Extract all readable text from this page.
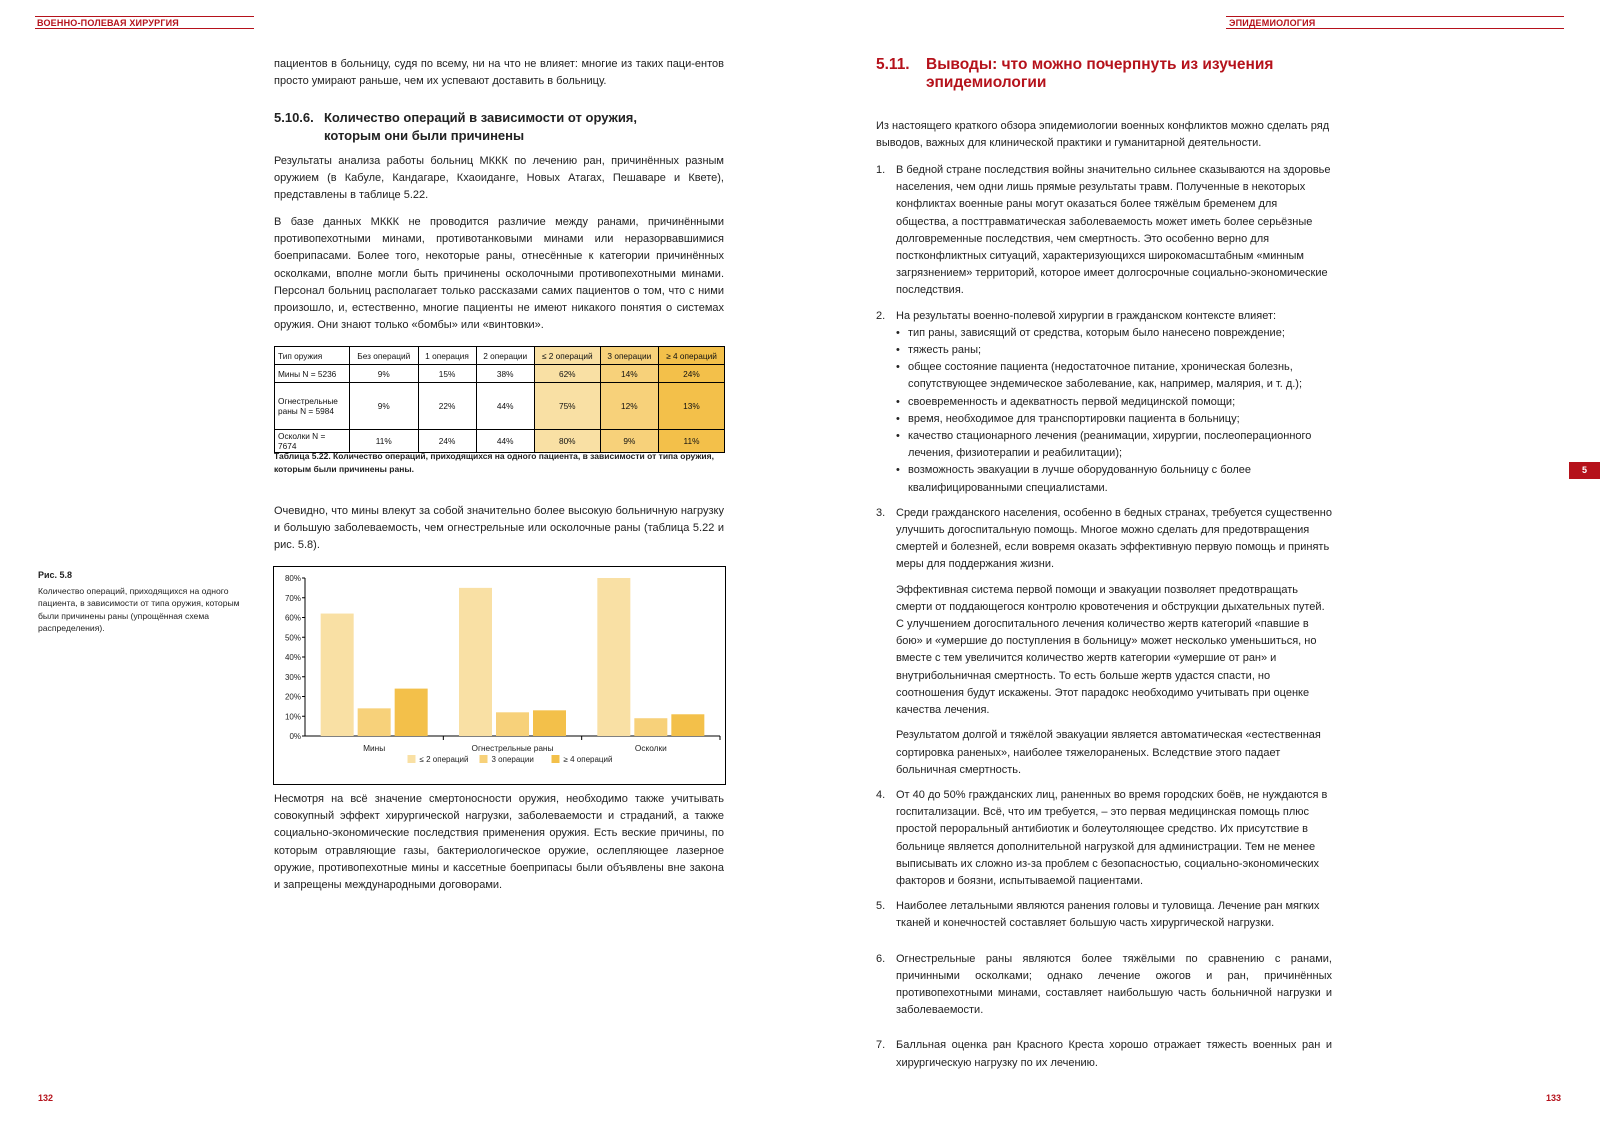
ВОЕННО-ПОЛЕВАЯ ХИРУРГИЯ
пациентов в больницу, судя по всему, ни на что не влияет: многие из таких паци-ентов просто умирают раньше, чем их успевают доставить в больницу.
5.10.6. Количество операций в зависимости от оружия, которым они были причинены
Результаты анализа работы больниц МККК по лечению ран, причинённых разным оружием (в Кабуле, Кандагаре, Кхаоиданге, Новых Атагах, Пешаваре и Квете), представлены в таблице 5.22.
В базе данных МККК не проводится различие между ранами, причинёнными противопехотными минами, противотанковыми минами или неразорвавшимися боеприпасами. Более того, некоторые раны, отнесённые к категории причинённых осколками, вполне могли быть причинены осколочными противопехотными минами. Персонал больниц располагает только рассказами самих пациентов о том, что с ними произошло, и, естественно, многие пациенты не имеют никакого понятия о системах оружия. Они знают только «бомбы» или «винтовки».
Тип оружия	Без операций	1 операция	2 операции	≤ 2 операций	3 операции	≥ 4 операций
Мины N = 5236	9%	15%	38%	62%	14%	24%
Огнестрельные раны N = 5984	9%	22%	44%	75%	12%	13%
Осколки N = 7674	11%	24%	44%	80%	9%	11%
Таблица 5.22. Количество операций, приходящихся на одного пациента, в зависимости от типа оружия, которым были причинены раны.
Очевидно, что мины влекут за собой значительно более высокую больничную нагрузку и большую заболеваемость, чем огнестрельные или осколочные раны (таблица 5.22 и рис. 5.8).
Рис. 5.8
Количество операций, приходящихся на одного пациента, в зависимости от типа оружия, которым были причинены раны (упрощённая схема распределения).
0%
10%
20%
30%
40%
50%
60%
70%
80%
Мины	Огнестрельные раны	Осколки
≤ 2 операций	3 операции	≥ 4 операций
Несмотря на всё значение смертоносности оружия, необходимо также учитывать совокупный эффект хирургической нагрузки, заболеваемости и страданий, а также социально-экономические последствия применения оружия. Есть веские причины, по которым отравляющие газы, бактериологическое оружие, ослепляющее лазерное оружие, противопехотные мины и кассетные боеприпасы были объявлены вне закона и запрещены международными договорами.
132
ЭПИДЕМИОЛОГИЯ
5.11. Выводы: что можно почерпнуть из изучения эпидемиологии
Из настоящего краткого обзора эпидемиологии военных конфликтов можно сделать ряд выводов, важных для клинической практики и гуманитарной деятельности.
1. В бедной стране последствия войны значительно сильнее сказываются на здоровье населения, чем одни лишь прямые результаты травм. Полученные в некоторых конфликтах военные раны могут оказаться более тяжёлым бременем для общества, а посттравматическая заболеваемость может иметь более серьёзные долговременные последствия, чем смертность. Это особенно верно для постконфликтных ситуаций, характеризующихся широкомасштабным «минным загрязнением» территорий, которое имеет долгосрочные социально-экономические последствия.

2. На результаты военно-полевой хирургии в гражданском контексте влияет:

• тип раны, зависящий от средства, которым было нанесено повреждение;
• тяжесть раны;
• общее состояние пациента (недостаточное питание, хроническая болезнь, сопутствующее эндемическое заболевание, как, например, малярия, и т. д.);
• своевременность и адекватность первой медицинской помощи;
• время, необходимое для транспортировки пациента в больницу;
• качество стационарного лечения (реанимации, хирургии, послеоперационного лечения, физиотерапии и реабилитации);
• возможность эвакуации в лучше оборудованную больницу с более квалифицированными специалистами.
3. Среди гражданского населения, особенно в бедных странах, требуется существенно улучшить догоспитальную помощь. Многое можно сделать для предотвращения смертей и болезней, если вовремя оказать эффективную первую помощь и принять меры для поддержания жизни.

Эффективная система первой помощи и эвакуации позволяет предотвращать смерти от поддающегося контролю кровотечения и обструкции дыхательных путей. С улучшением догоспитального лечения количество жертв категорий «павшие в бою» и «умершие до поступления в больницу» может несколько уменьшиться, но вместе с тем увеличится количество жертв категории «умершие от ран» и внутрибольничная смертность. То есть больше жертв удастся спасти, но соотношения будут искажены. Этот парадокс необходимо учитывать при оценке качества лечения.

Результатом долгой и тяжёлой эвакуации является автоматическая «естественная сортировка раненых», наиболее тяжелораненых. Вследствие этого падает больничная смертность.

4. От 40 до 50% гражданских лиц, раненных во время городских боёв, не нуждаются в госпитализации. Всё, что им требуется, – это первая медицинская помощь плюс простой пероральный антибиотик и болеутоляющее средство. Их присутствие в больнице является дополнительной нагрузкой для администрации. Тем не менее выписывать их сложно из-за проблем с безопасностью, социально-экономических факторов и боязни, испытываемой пациентами.

5. Наиболее летальными являются ранения головы и туловища. Лечение ран мягких тканей и конечностей составляет большую часть хирургической нагрузки.

6. Огнестрельные раны являются более тяжёлыми по сравнению с ранами, причинными осколками; однако лечение ожогов и ран, причинённых противопехотными минами, составляет наибольшую часть больничной нагрузки и заболеваемости.

7. Балльная оценка ран Красного Креста хорошо отражает тяжесть военных ран и хирургическую нагрузку по их лечению.

5
133
